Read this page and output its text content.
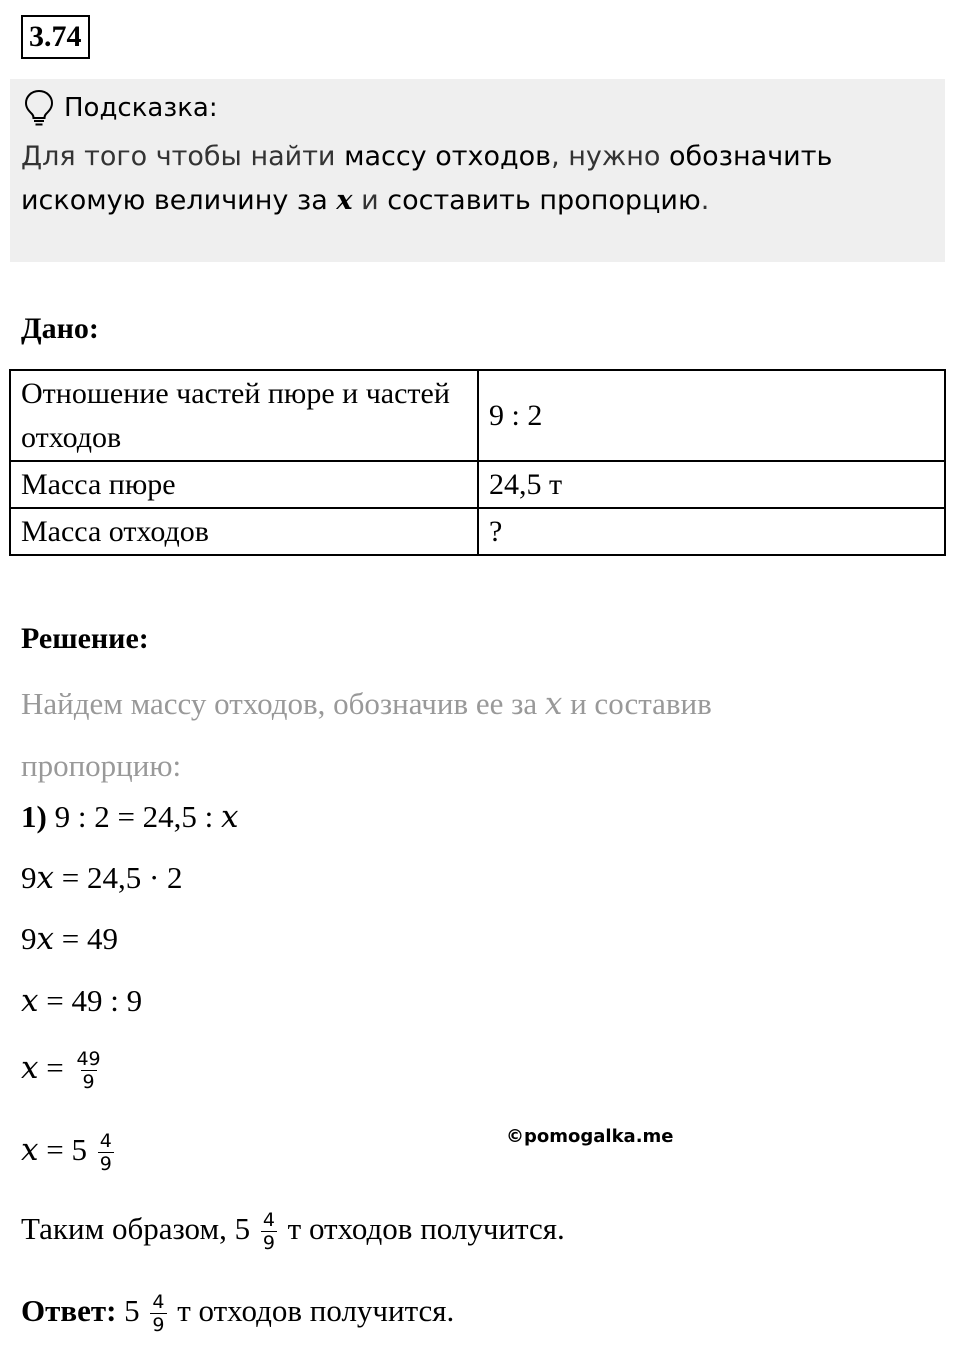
3.74
Подсказка:
Для того чтобы найти массу отходов, нужно обозначить
искомую величину за x и составить пропорцию.
Дано:
Отношение частей пюре и частей отходов	9 : 2
Масса пюре	24,5 т
Масса отходов	?
Решение:
Найдем массу отходов, обозначив ее за x и составив
пропорцию:
1) 9 : 2 = 24,5 : x
9x = 24,5 · 2
9x = 49
x = 49 : 9
$x = \frac{49}{9}$
$x = 5 \frac{4}{9}$	©pomogalka.me
Таким образом, $5 \frac{4}{9}$ т отходов получится.
Ответ: $5 \frac{4}{9}$ т отходов получится.
